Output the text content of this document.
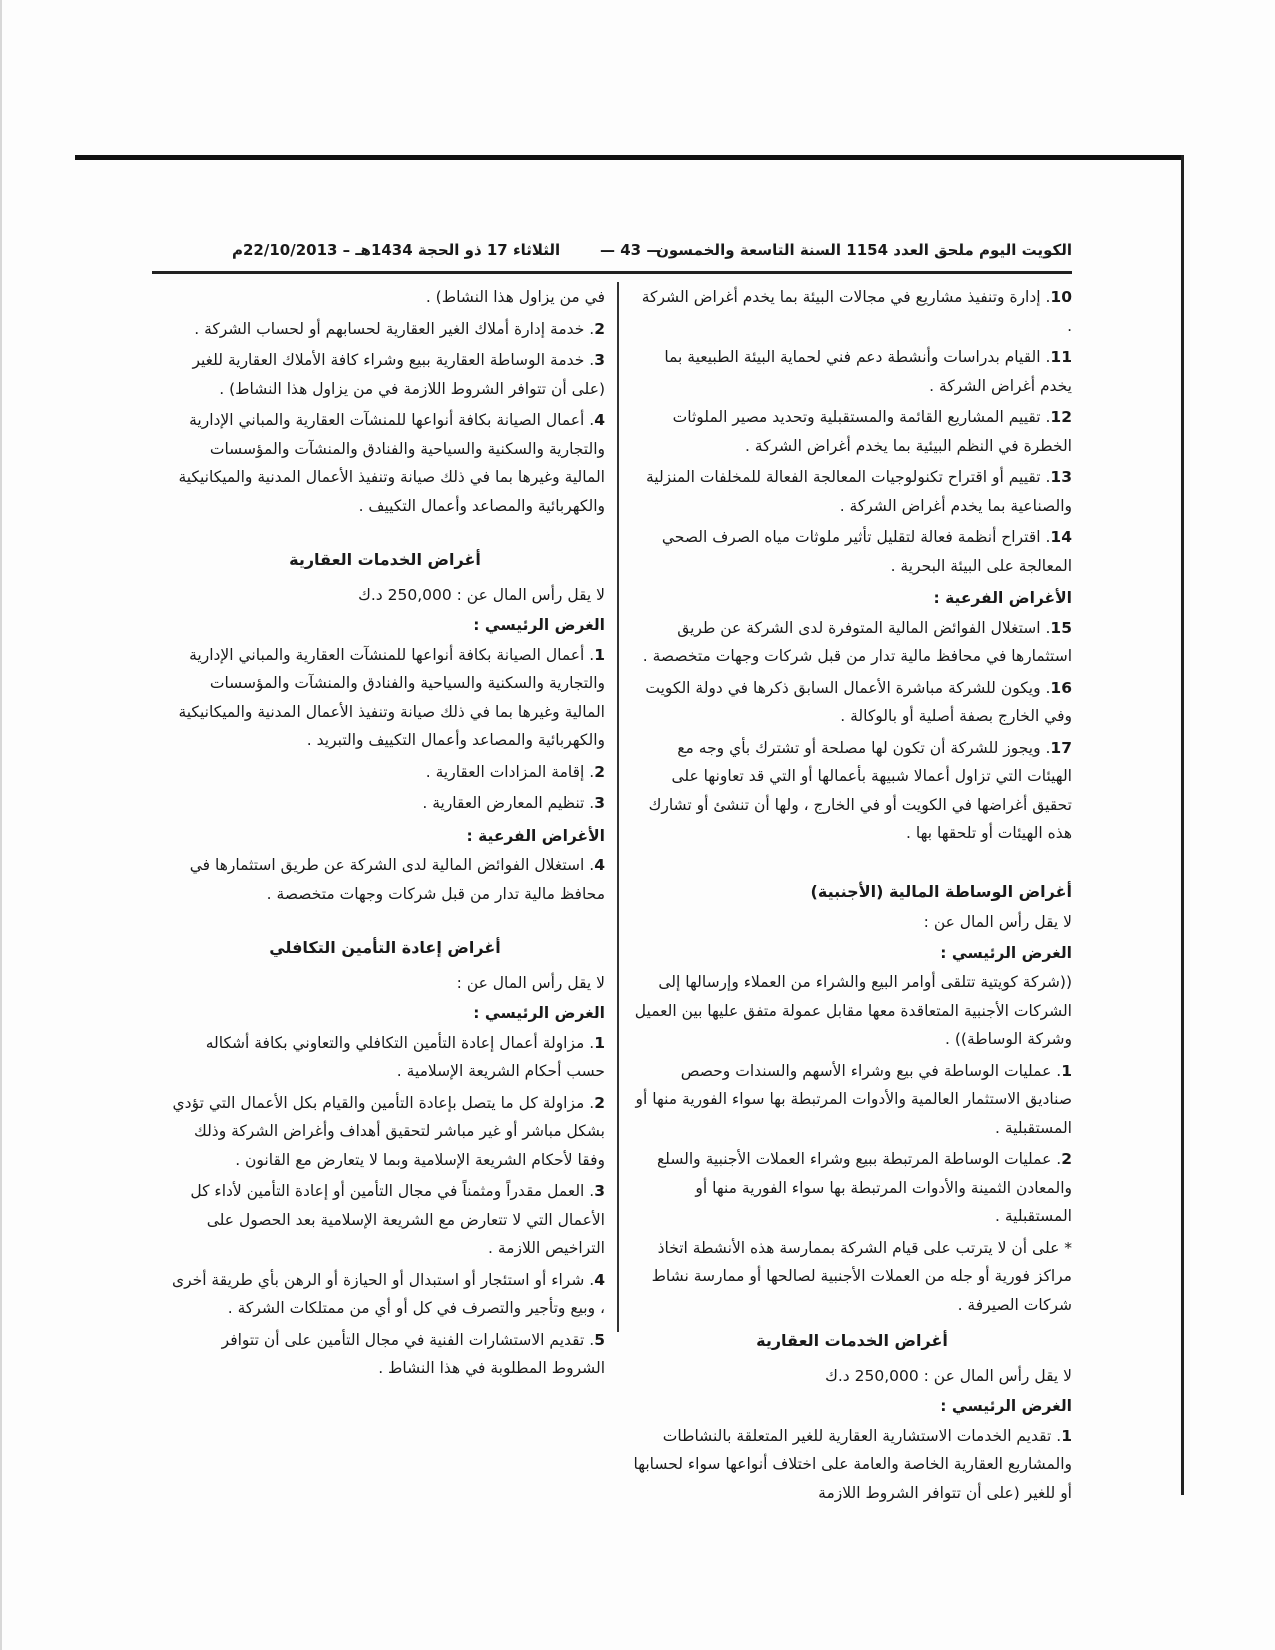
الكويت اليوم ملحق العدد 1154 السنة التاسعة والخمسون
— 43 —
الثلاثاء 17 ذو الحجة 1434هـ – 22/10/2013م
10. إدارة وتنفيذ مشاريع في مجالات البيئة بما يخدم أغراض الشركة .
11. القيام بدراسات وأنشطة دعم فني لحماية البيئة الطبيعية بما يخدم أغراض الشركة .
12. تقييم المشاريع القائمة والمستقبلية وتحديد مصير الملوثات الخطرة في النظم البيئية بما يخدم أغراض الشركة .
13. تقييم أو اقتراح تكنولوجيات المعالجة الفعالة للمخلفات المنزلية والصناعية بما يخدم أغراض الشركة .
14. اقتراح أنظمة فعالة لتقليل تأثير ملوثات مياه الصرف الصحي المعالجة على البيئة البحرية .
الأغراض الفرعية :
15. استغلال الفوائض المالية المتوفرة لدى الشركة عن طريق استثمارها في محافظ مالية تدار من قبل شركات وجهات متخصصة .
16. ويكون للشركة مباشرة الأعمال السابق ذكرها في دولة الكويت وفي الخارج بصفة أصلية أو بالوكالة .
17. ويجوز للشركة أن تكون لها مصلحة أو تشترك بأي وجه مع الهيئات التي تزاول أعمالا شبيهة بأعمالها أو التي قد تعاونها على تحقيق أغراضها في الكويت أو في الخارج ، ولها أن تنشئ أو تشارك هذه الهيئات أو تلحقها بها .
أغراض الوساطة المالية (الأجنبية)
لا يقل رأس المال عن :
الغرض الرئيسي :
((شركة كويتية تتلقى أوامر البيع والشراء من العملاء وإرسالها إلى الشركات الأجنبية المتعاقدة معها مقابل عمولة متفق عليها بين العميل وشركة الوساطة)) .
1. عمليات الوساطة في بيع وشراء الأسهم والسندات وحصص صناديق الاستثمار العالمية والأدوات المرتبطة بها سواء الفورية منها أو المستقبلية .
2. عمليات الوساطة المرتبطة ببيع وشراء العملات الأجنبية والسلع والمعادن الثمينة والأدوات المرتبطة بها سواء الفورية منها أو المستقبلية .
* على أن لا يترتب على قيام الشركة بممارسة هذه الأنشطة اتخاذ مراكز فورية أو جله من العملات الأجنبية لصالحها أو ممارسة نشاط شركات الصيرفة .
أغراض الخدمات العقارية
لا يقل رأس المال عن : 250,000 د.ك
الغرض الرئيسي :
1. تقديم الخدمات الاستشارية العقارية للغير المتعلقة بالنشاطات والمشاريع العقارية الخاصة والعامة على اختلاف أنواعها سواء لحسابها أو للغير (على أن تتوافر الشروط اللازمة
في من يزاول هذا النشاط) .
2. خدمة إدارة أملاك الغير العقارية لحسابهم أو لحساب الشركة .
3. خدمة الوساطة العقارية ببيع وشراء كافة الأملاك العقارية للغير (على أن تتوافر الشروط اللازمة في من يزاول هذا النشاط) .
4. أعمال الصيانة بكافة أنواعها للمنشآت العقارية والمباني الإدارية والتجارية والسكنية والسياحية والفنادق والمنشآت والمؤسسات المالية وغيرها بما في ذلك صيانة وتنفيذ الأعمال المدنية والميكانيكية والكهربائية والمصاعد وأعمال التكييف .
أغراض الخدمات العقارية
لا يقل رأس المال عن : 250,000 د.ك
الغرض الرئيسي :
1. أعمال الصيانة بكافة أنواعها للمنشآت العقارية والمباني الإدارية والتجارية والسكنية والسياحية والفنادق والمنشآت والمؤسسات المالية وغيرها بما في ذلك صيانة وتنفيذ الأعمال المدنية والميكانيكية والكهربائية والمصاعد وأعمال التكييف والتبريد .
2. إقامة المزادات العقارية .
3. تنظيم المعارض العقارية .
الأغراض الفرعية :
4. استغلال الفوائض المالية لدى الشركة عن طريق استثمارها في محافظ مالية تدار من قبل شركات وجهات متخصصة .
أغراض إعادة التأمين التكافلي
لا يقل رأس المال عن :
الغرض الرئيسي :
1. مزاولة أعمال إعادة التأمين التكافلي والتعاوني بكافة أشكاله حسب أحكام الشريعة الإسلامية .
2. مزاولة كل ما يتصل بإعادة التأمين والقيام بكل الأعمال التي تؤدي بشكل مباشر أو غير مباشر لتحقيق أهداف وأغراض الشركة وذلك وفقا لأحكام الشريعة الإسلامية وبما لا يتعارض مع القانون .
3. العمل مقدراً ومثمناً في مجال التأمين أو إعادة التأمين لأداء كل الأعمال التي لا تتعارض مع الشريعة الإسلامية بعد الحصول على التراخيص اللازمة .
4. شراء أو استئجار أو استبدال أو الحيازة أو الرهن بأي طريقة أخرى ، وبيع وتأجير والتصرف في كل أو أي من ممتلكات الشركة .
5. تقديم الاستشارات الفنية في مجال التأمين على أن تتوافر الشروط المطلوبة في هذا النشاط .
